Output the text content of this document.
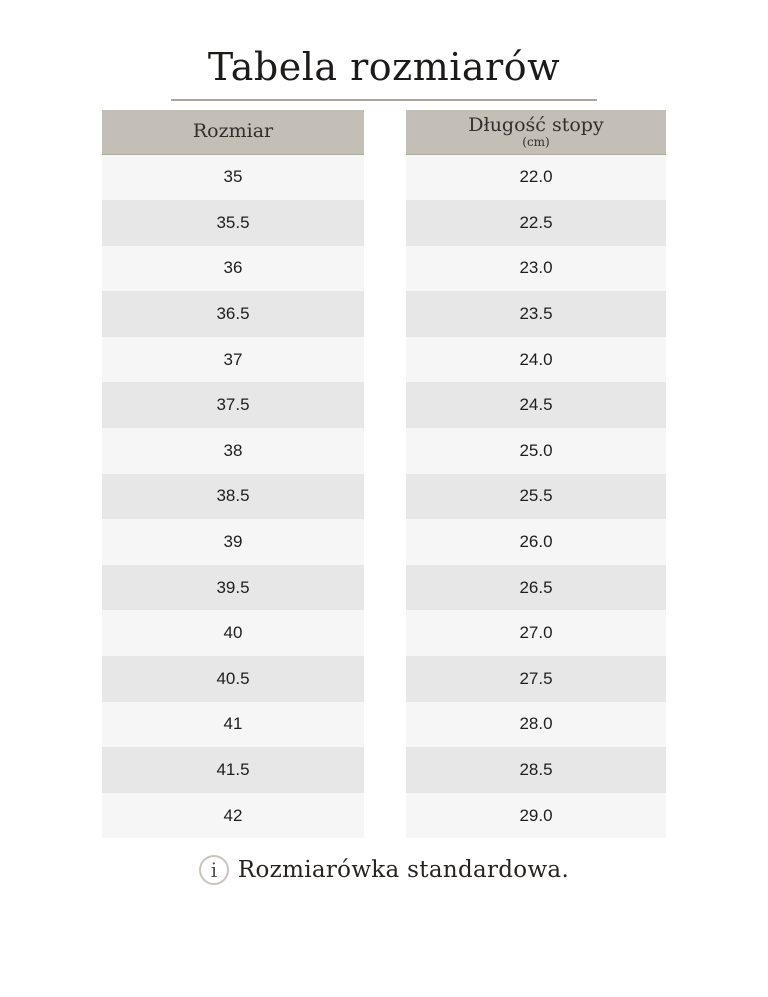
Tabela rozmiarów
Rozmiar
35
35.5
36
36.5
37
37.5
38
38.5
39
39.5
40
40.5
41
41.5
42
Długość stopy
(cm)
22.0
22.5
23.0
23.5
24.0
24.5
25.0
25.5
26.0
26.5
27.0
27.5
28.0
28.5
29.0
i Rozmiarówka standardowa.
